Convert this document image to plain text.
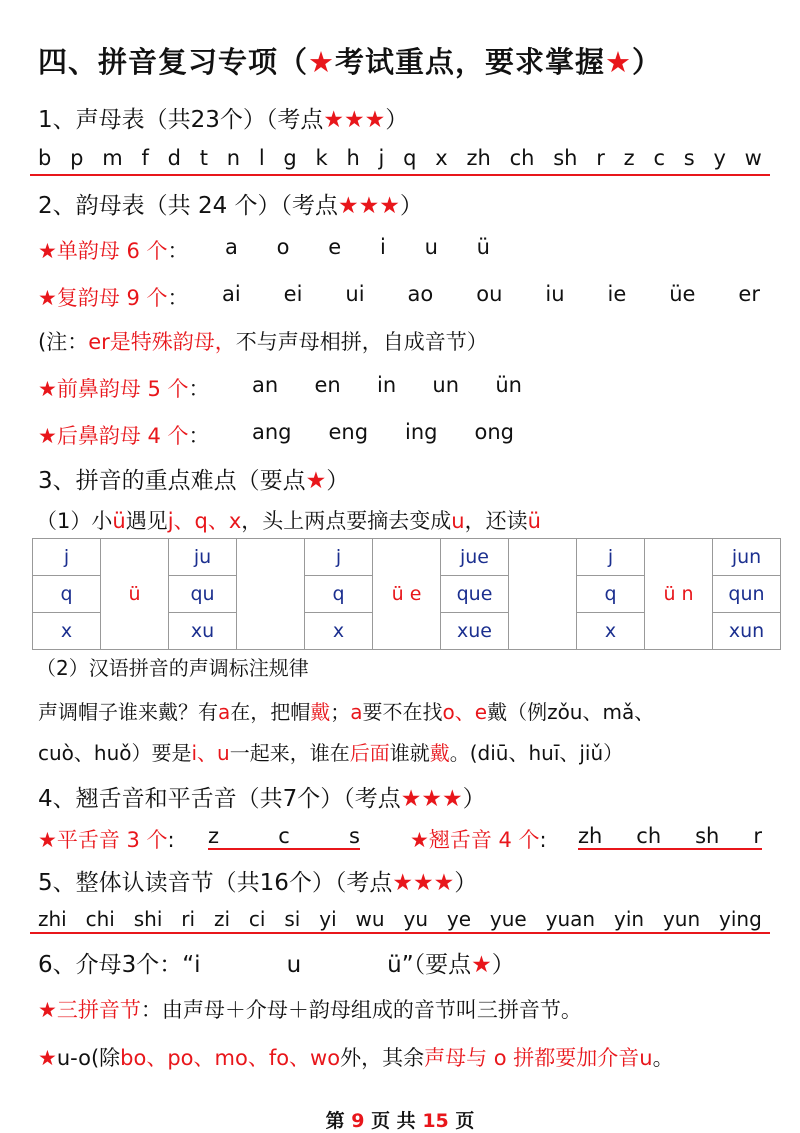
四、拼音复习专项（★考试重点，要求掌握★）
1、声母表（共23个）（考点★★★）
b p m f d t n l g k h j q x zh ch sh r z c s y w
2、韵母表（共 24 个）（考点★★★）
★单韵母 6 个： a o e i u ü
★复韵母 9 个： ai ei ui ao ou iu ie üe er
(注：er是特殊韵母，不与声母相拼，自成音节）
★前鼻韵母 5 个： an en in un ün
★后鼻韵母 4 个： ang eng ing ong
3、拼音的重点难点（要点★）
（1）小ü遇见j、q、x，头上两点要摘去变成u，还读ü
j	ü	ju		j	ü e	jue		j	ü n	jun
q		qu		q		que		q		qun
x		xu		x		xue		x		xun
（2）汉语拼音的声调标注规律
声调帽子谁来戴？有a在，把帽戴；a要不在找o、e戴（例zǒu、mǎ、
cuò、huǒ）要是i、u一起来，谁在后面谁就戴。(diū、huī、jiǔ）
4、翘舌音和平舌音（共7个）（考点★★★）
★平舌音 3 个: z	c	s ★翘舌音 4 个: zh ch sh r
5、整体认读音节（共16个）（考点★★★）
zhi chi shi ri zi ci si yi wu yu ye yue yuan yin yun ying
6、介母3个：“i	u	ü”（要点★）
★三拼音节：由声母＋介母＋韵母组成的音节叫三拼音节。
★u-o(除bo、po、mo、fo、wo外，其余声母与 o 拼都要加介音u。
第 9 页 共 15 页
